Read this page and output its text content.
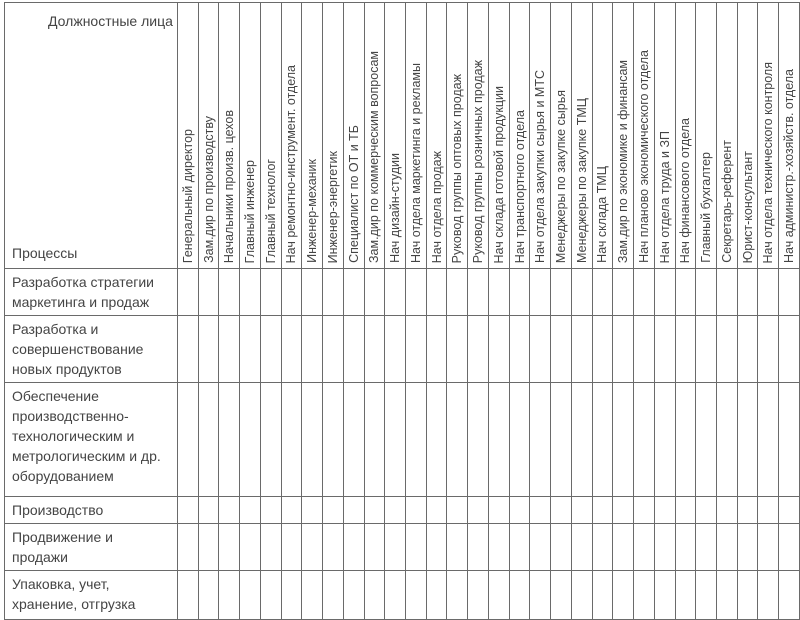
Должностные лица
Процессы	Генеральный директор	Зам.дир по производству	Начальники произв. цехов	Главный инженер	Главный технолог	Нач ремонтно-инструмент. отдела	Инженер-механик	Инженер-энергетик	Специалист по ОТ и ТБ	Зам.дир по коммерческим вопросам	Нач дизайн-студии	Нач отдела маркетинга и рекламы	Нач отдела продаж	Руковод группы оптовых продаж	Руковод группы розничных продаж	Нач склада готовой продукции	Нач транспортного отдела	Нач отдела закупки сырья и МТС	Менеджеры по закупке сырья	Менеджеры по закупке ТМЦ	Нач склада ТМЦ	Зам.дир по экономике и финансам	Нач планово экономического отдела	Нач отдела труда и ЗП	Нач финансового отдела	Главный бухгалтер	Секретарь-референт	Юрист-консультант	Нач отдела технического контроля	Нач администр.-хозяйств. отдела

Разработка стратегии маркетинга и продаж																														
Разработка и совершенствование новых продуктов																														
Обеспечение производственно-технологическим и метрологическим и др. оборудованием																														
Производство																														
Продвижение и продажи																														
Упаковка, учет, хранение, отгрузка																														
